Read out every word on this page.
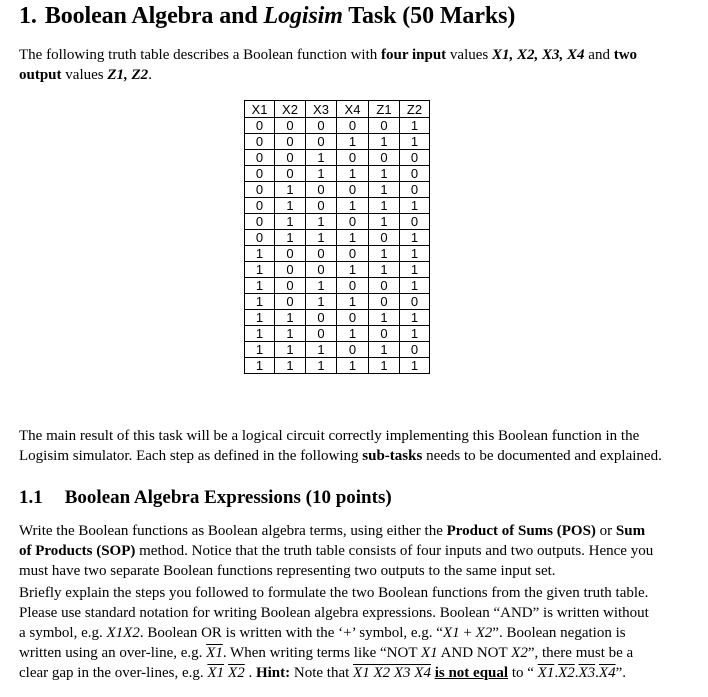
1. Boolean Algebra and Logisim Task (50 Marks)
The following truth table describes a Boolean function with four input values X1, X2, X3, X4 and two
output values Z1, Z2.
X1	X2	X3	X4	Z1	Z2
0	0	0	0	0	1
0	0	0	1	1	1
0	0	1	0	0	0
0	0	1	1	1	0
0	1	0	0	1	0
0	1	0	1	1	1
0	1	1	0	1	0
0	1	1	1	0	1
1	0	0	0	1	1
1	0	0	1	1	1
1	0	1	0	0	1
1	0	1	1	0	0
1	1	0	0	1	1
1	1	0	1	0	1
1	1	1	0	1	0
1	1	1	1	1	1
The main result of this task will be a logical circuit correctly implementing this Boolean function in the
Logisim simulator. Each step as defined in the following sub-tasks needs to be documented and explained.
1.1 Boolean Algebra Expressions (10 points)
Write the Boolean functions as Boolean algebra terms, using either the Product of Sums (POS) or Sum
of Products (SOP) method. Notice that the truth table consists of four inputs and two outputs. Hence you
must have two separate Boolean functions representing two outputs to the same input set.
Briefly explain the steps you followed to formulate the two Boolean functions from the given truth table.
Please use standard notation for writing Boolean algebra expressions. Boolean “AND” is written without
a symbol, e.g. X1X2. Boolean OR is written with the ‘+’ symbol, e.g. “X1 + X2”. Boolean negation is
written using an over-line, e.g. X1. When writing terms like “NOT X1 AND NOT X2”, there must be a
clear gap in the over-lines, e.g. X1 X2 . Hint: Note that X1 X2 X3 X4 is not equal to “ X1.X2.X3.X4”.
